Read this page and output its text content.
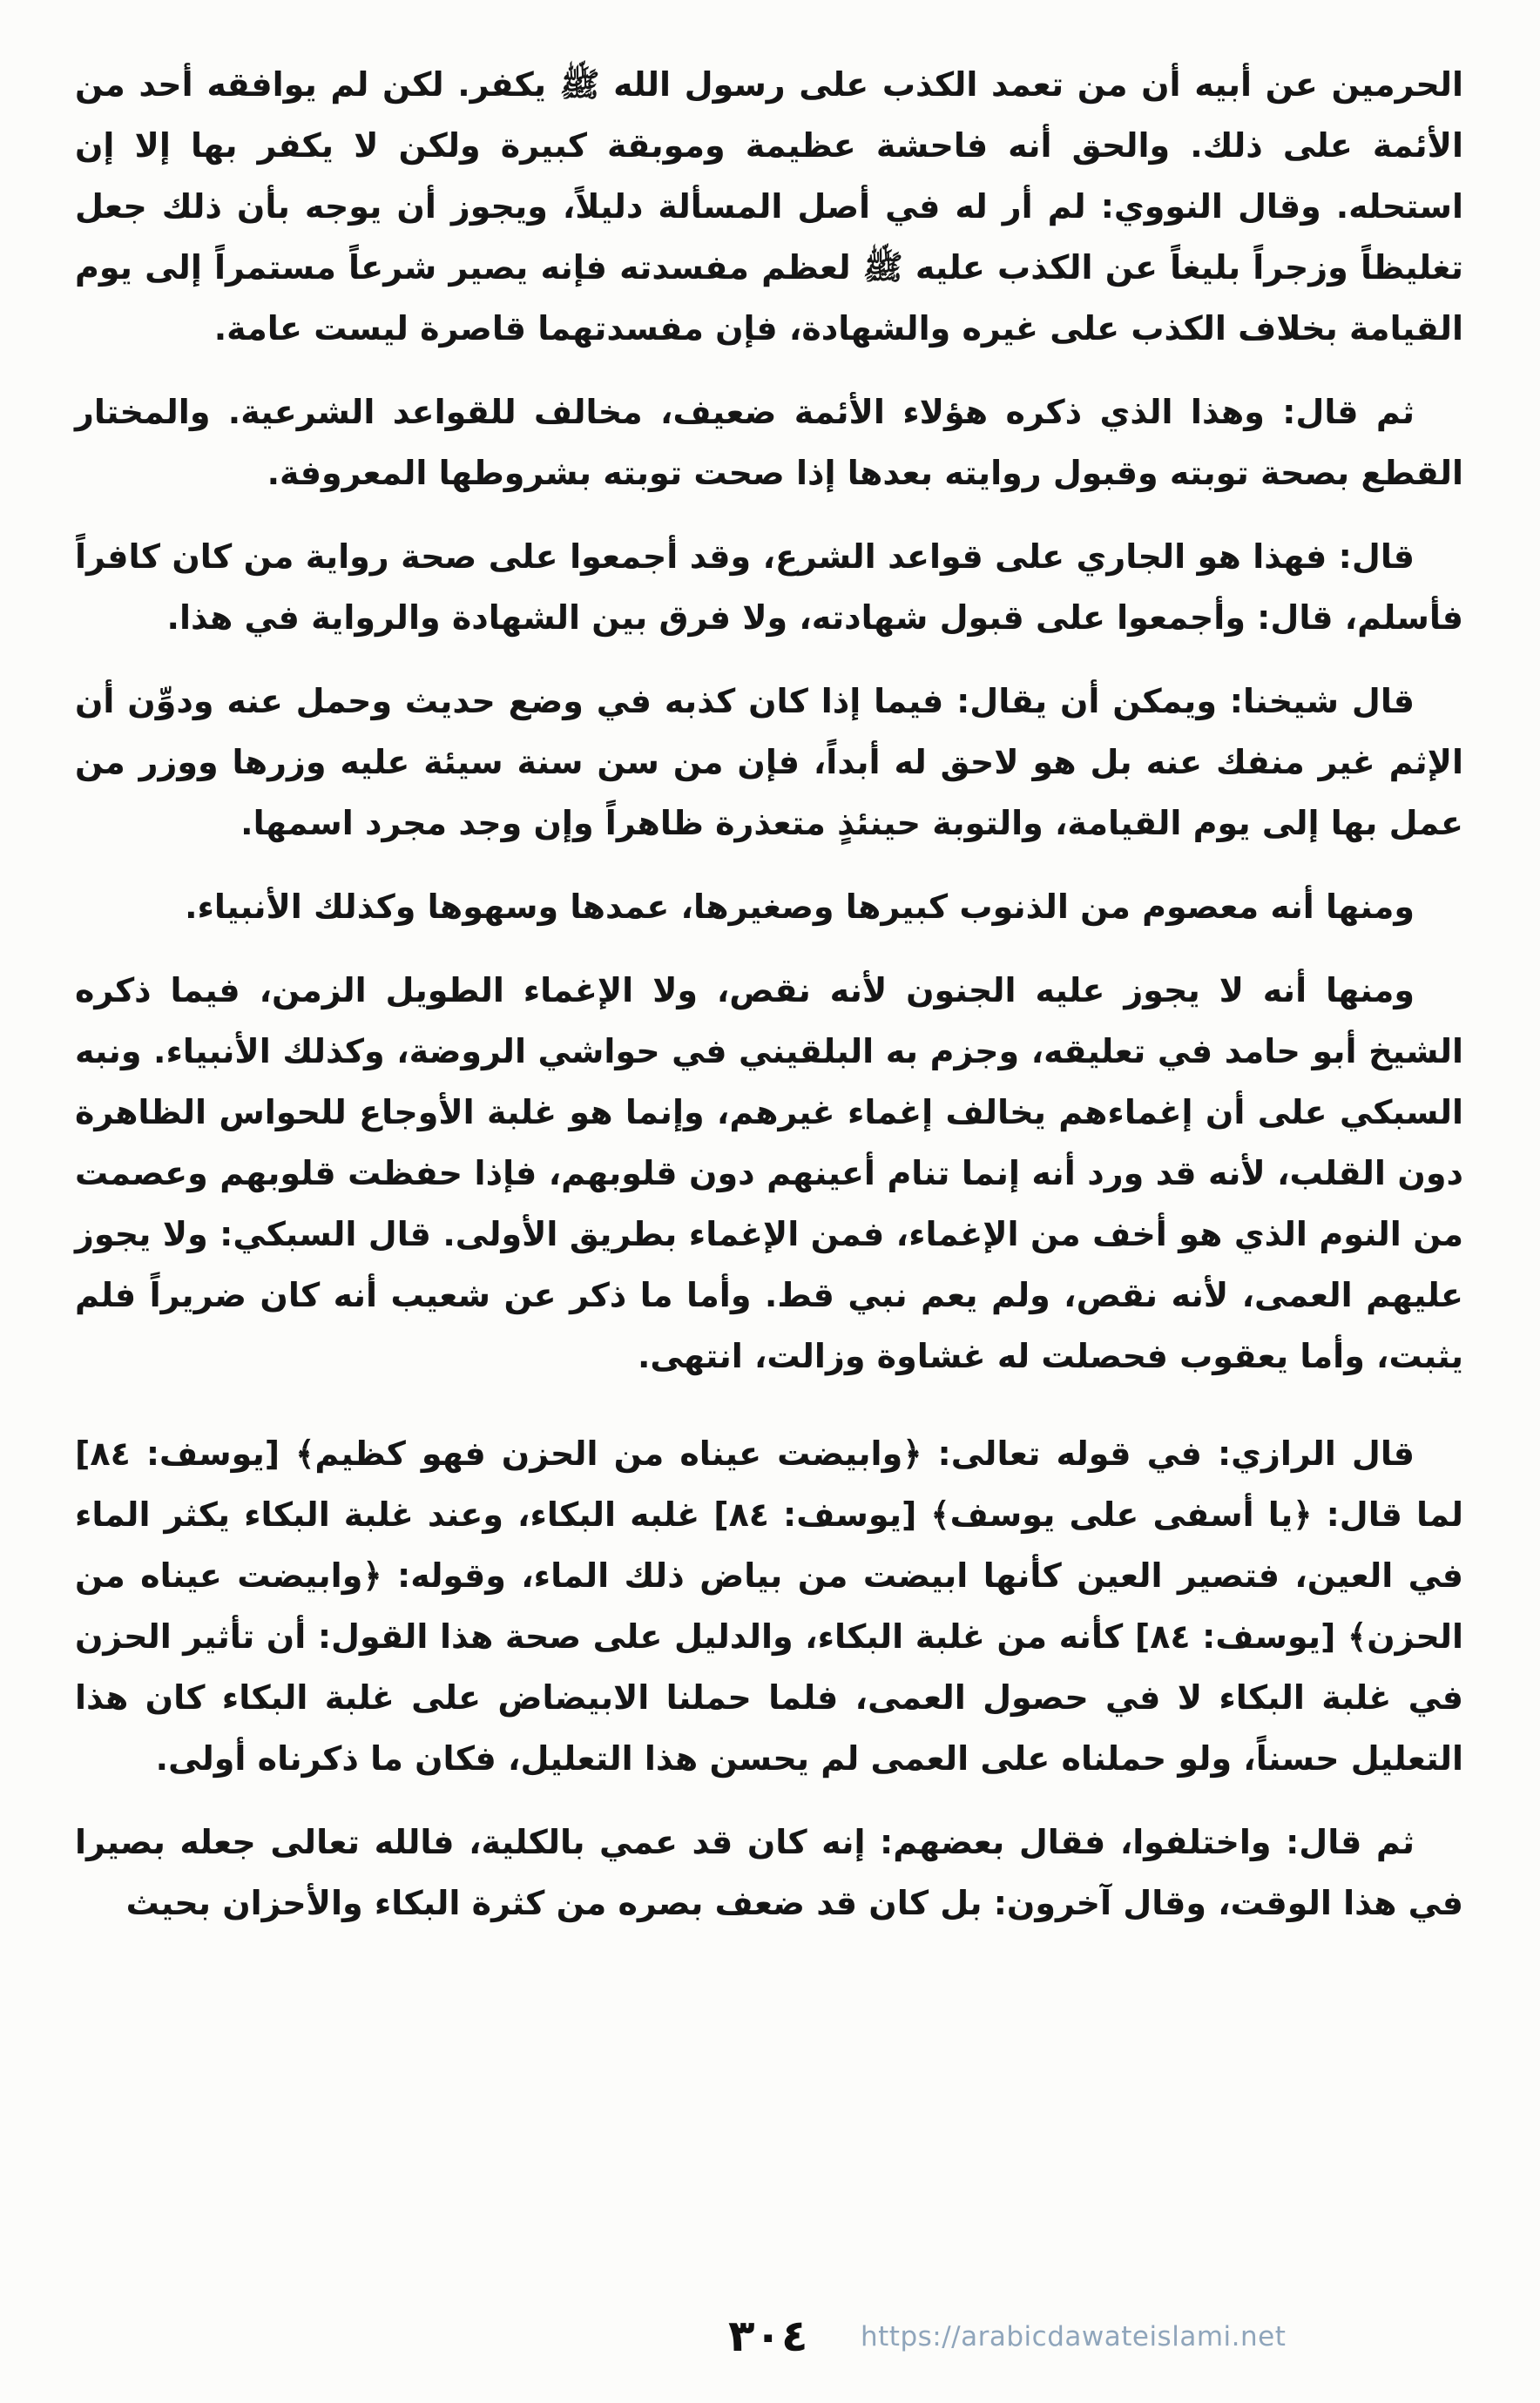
الحرمين عن أبيه أن من تعمد الكذب على رسول الله ﷺ يكفر. لكن لم يوافقه أحد من الأئمة على ذلك. والحق أنه فاحشة عظيمة وموبقة كبيرة ولكن لا يكفر بها إلا إن استحله. وقال النووي: لم أر له في أصل المسألة دليلاً، ويجوز أن يوجه بأن ذلك جعل تغليظاً وزجراً بليغاً عن الكذب عليه ﷺ لعظم مفسدته فإنه يصير شرعاً مستمراً إلى يوم القيامة بخلاف الكذب على غيره والشهادة، فإن مفسدتهما قاصرة ليست عامة.

ثم قال: وهذا الذي ذكره هؤلاء الأئمة ضعيف، مخالف للقواعد الشرعية. والمختار القطع بصحة توبته وقبول روايته بعدها إذا صحت توبته بشروطها المعروفة.

قال: فهذا هو الجاري على قواعد الشرع، وقد أجمعوا على صحة رواية من كان كافراً فأسلم، قال: وأجمعوا على قبول شهادته، ولا فرق بين الشهادة والرواية في هذا.

قال شيخنا: ويمكن أن يقال: فيما إذا كان كذبه في وضع حديث وحمل عنه ودوِّن أن الإثم غير منفك عنه بل هو لاحق له أبداً، فإن من سن سنة سيئة عليه وزرها ووزر من عمل بها إلى يوم القيامة، والتوبة حينئذٍ متعذرة ظاهراً وإن وجد مجرد اسمها.

ومنها أنه معصوم من الذنوب كبيرها وصغيرها، عمدها وسهوها وكذلك الأنبياء.

ومنها أنه لا يجوز عليه الجنون لأنه نقص، ولا الإغماء الطويل الزمن، فيما ذكره الشيخ أبو حامد في تعليقه، وجزم به البلقيني في حواشي الروضة، وكذلك الأنبياء. ونبه السبكي على أن إغماءهم يخالف إغماء غيرهم، وإنما هو غلبة الأوجاع للحواس الظاهرة دون القلب، لأنه قد ورد أنه إنما تنام أعينهم دون قلوبهم، فإذا حفظت قلوبهم وعصمت من النوم الذي هو أخف من الإغماء، فمن الإغماء بطريق الأولى. قال السبكي: ولا يجوز عليهم العمى، لأنه نقص، ولم يعم نبي قط. وأما ما ذكر عن شعيب أنه كان ضريراً فلم يثبت، وأما يعقوب فحصلت له غشاوة وزالت، انتهى.

قال الرازي: في قوله تعالى: ﴿وابيضت عيناه من الحزن فهو كظيم﴾ [يوسف: ٨٤] لما قال: ﴿يا أسفى على يوسف﴾ [يوسف: ٨٤] غلبه البكاء، وعند غلبة البكاء يكثر الماء في العين، فتصير العين كأنها ابيضت من بياض ذلك الماء، وقوله: ﴿وابيضت عيناه من الحزن﴾ [يوسف: ٨٤] كأنه من غلبة البكاء، والدليل على صحة هذا القول: أن تأثير الحزن في غلبة البكاء لا في حصول العمى، فلما حملنا الابيضاض على غلبة البكاء كان هذا التعليل حسناً، ولو حملناه على العمى لم يحسن هذا التعليل، فكان ما ذكرناه أولى.

ثم قال: واختلفوا، فقال بعضهم: إنه كان قد عمي بالكلية، فالله تعالى جعله بصيرا في هذا الوقت، وقال آخرون: بل كان قد ضعف بصره من كثرة البكاء والأحزان بحيث

٣٠٤ https://arabicdawateislami.net
